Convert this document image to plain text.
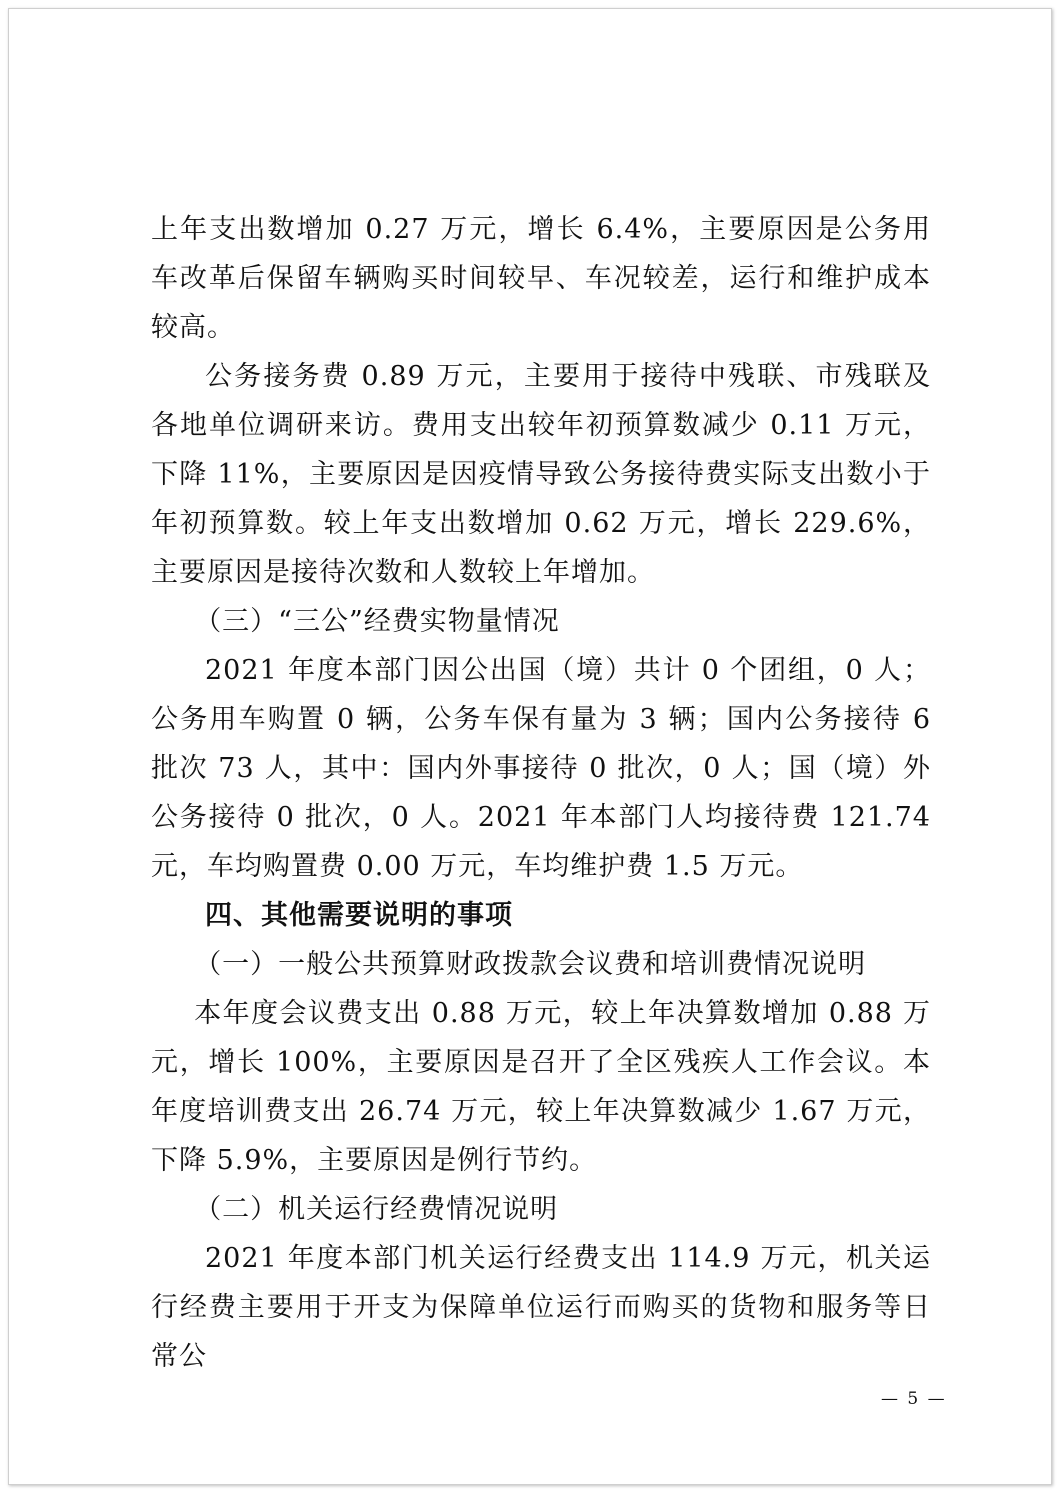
上年支出数增加 0.27 万元，增长 6.4%，主要原因是公务用车改革后保留车辆购买时间较早、车况较差，运行和维护成本较高。

公务接务费 0.89 万元，主要用于接待中残联、市残联及各地单位调研来访。费用支出较年初预算数减少 0.11 万元，下降 11%，主要原因是因疫情导致公务接待费实际支出数小于年初预算数。较上年支出数增加 0.62 万元，增长 229.6%，主要原因是接待次数和人数较上年增加。

（三）“三公”经费实物量情况

2021 年度本部门因公出国（境）共计 0 个团组，0 人；公务用车购置 0 辆，公务车保有量为 3 辆；国内公务接待 6 批次 73 人，其中：国内外事接待 0 批次，0 人；国（境）外公务接待 0 批次，0 人。2021 年本部门人均接待费 121.74 元，车均购置费 0.00 万元，车均维护费 1.5 万元。

四、其他需要说明的事项

（一）一般公共预算财政拨款会议费和培训费情况说明

本年度会议费支出 0.88 万元，较上年决算数增加 0.88 万元，增长 100%，主要原因是召开了全区残疾人工作会议。本年度培训费支出 26.74 万元，较上年决算数减少 1.67 万元，下降 5.9%，主要原因是例行节约。

（二）机关运行经费情况说明

2021 年度本部门机关运行经费支出 114.9 万元，机关运行经费主要用于开支为保障单位运行而购买的货物和服务等日常公

— 5 —
